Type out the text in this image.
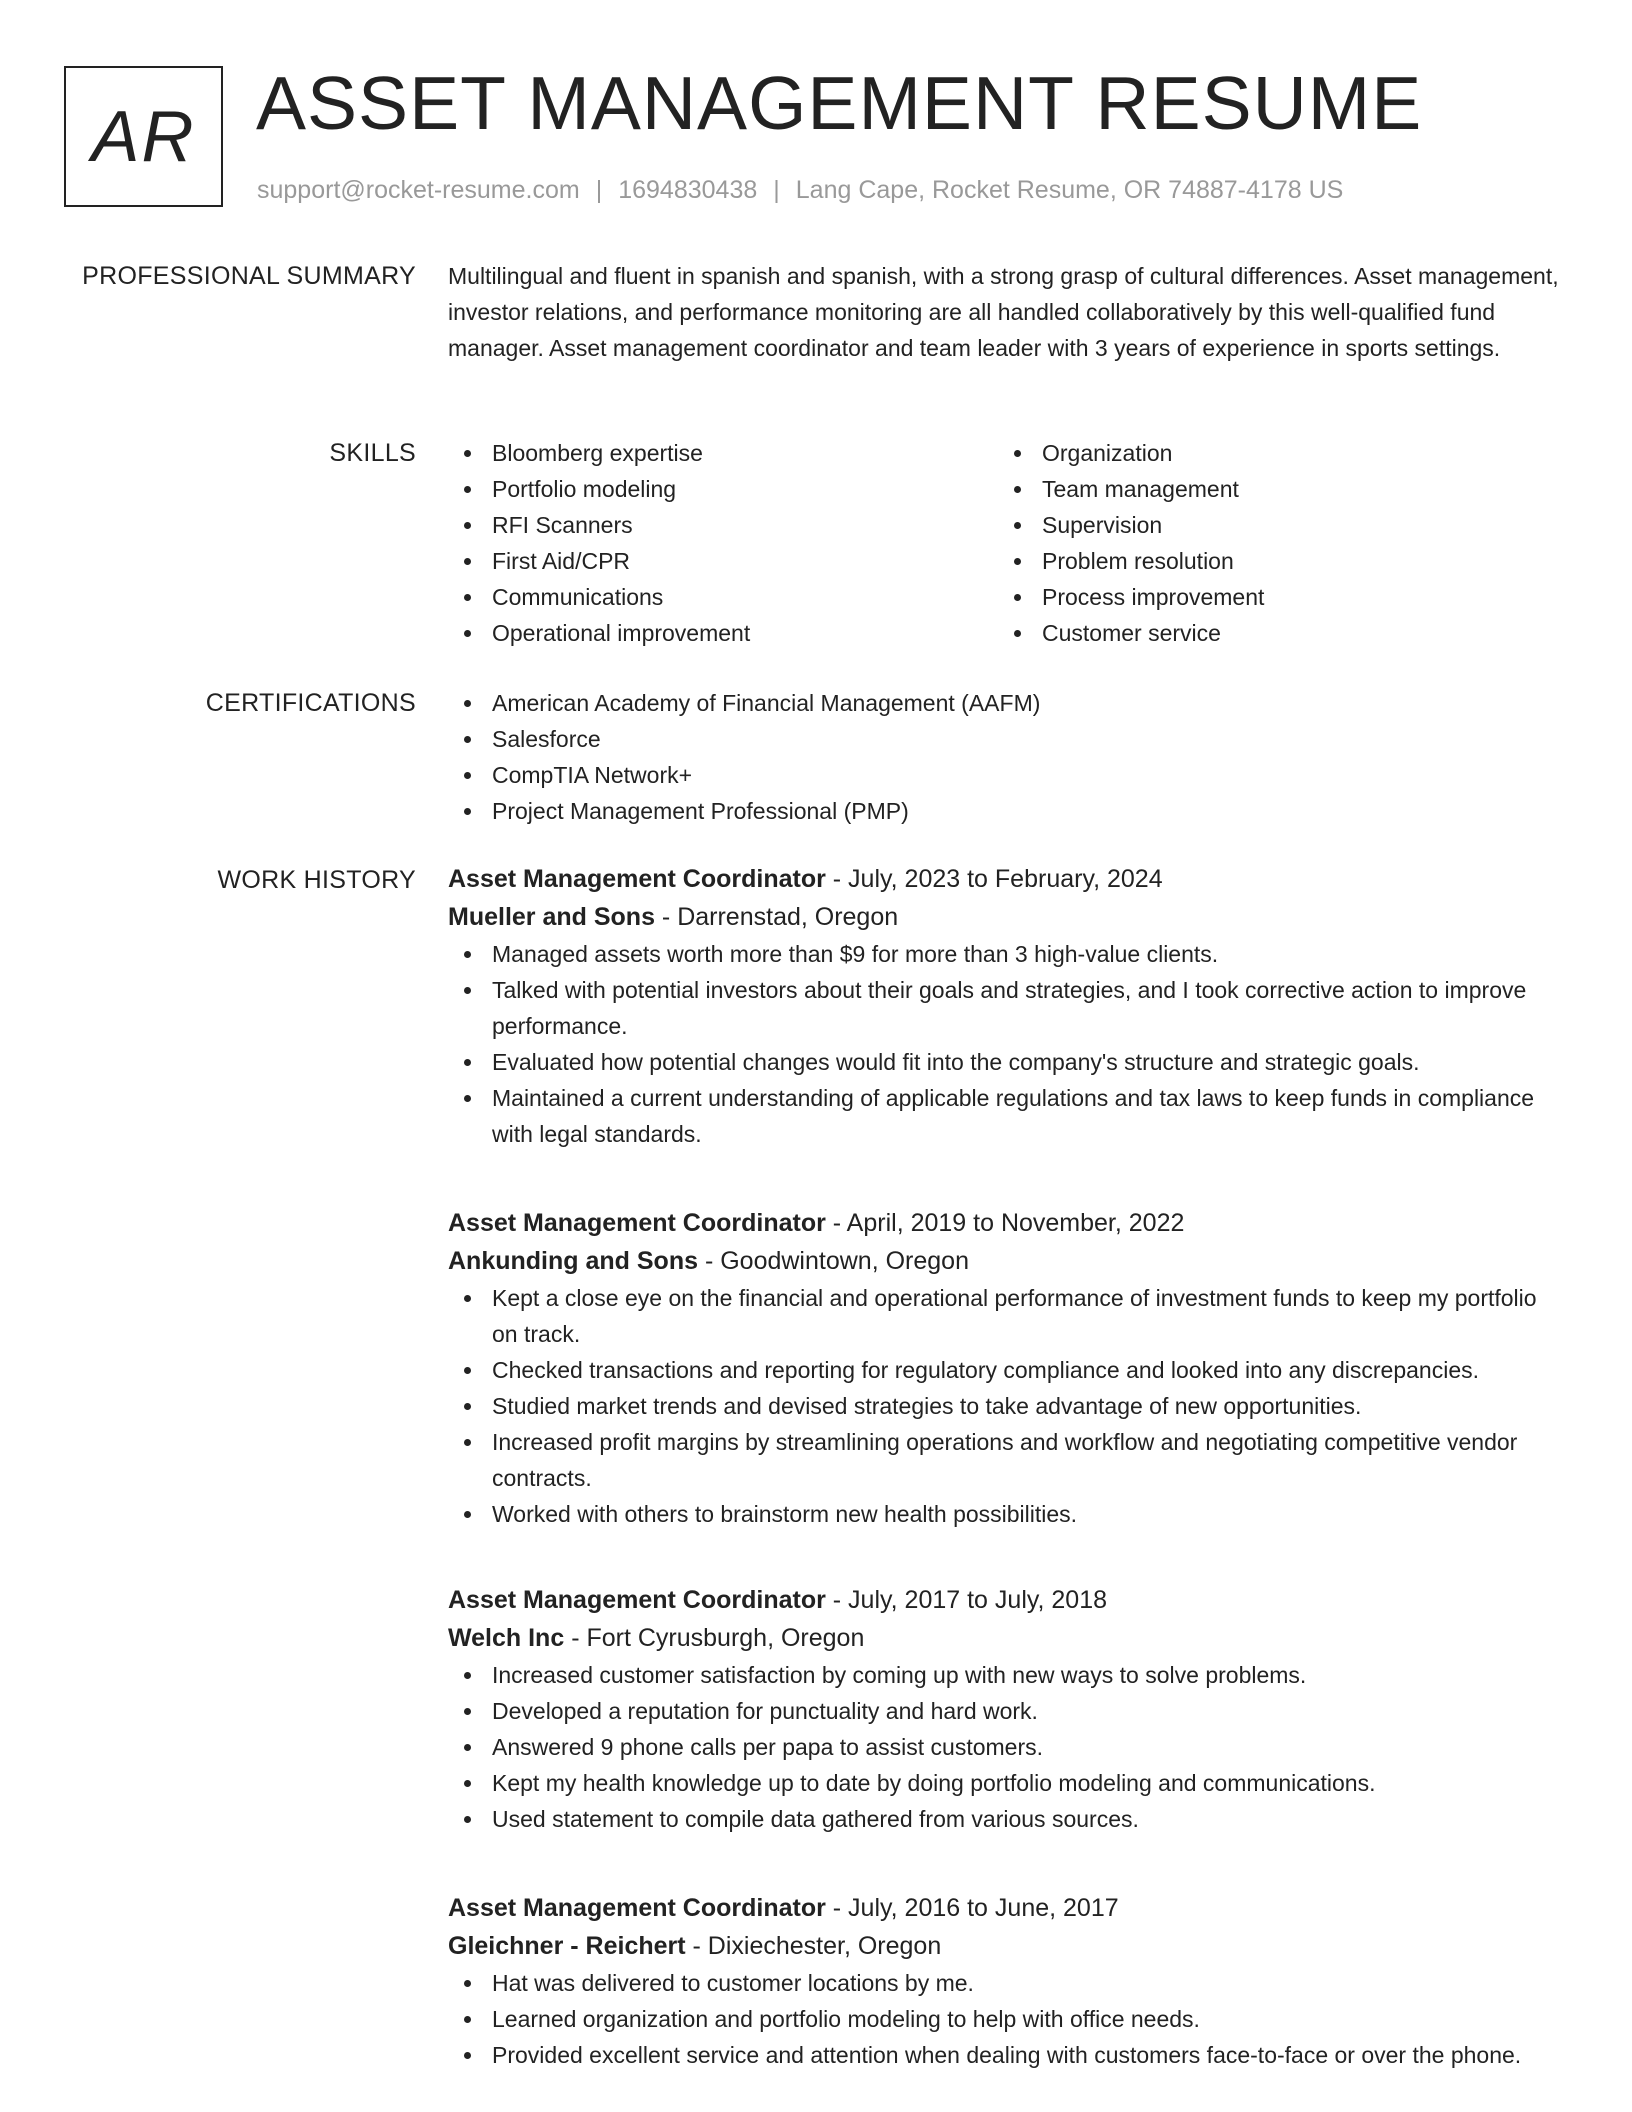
AR ASSET MANAGEMENT RESUME
support@rocket-resume.com | 1694830438 | Lang Cape, Rocket Resume, OR 74887-4178 US
PROFESSIONAL SUMMARY Multilingual and fluent in spanish and spanish, with a strong grasp of cultural differences. Asset management, investor relations, and performance monitoring are all handled collaboratively by this well-qualified fund manager. Asset management coordinator and team leader with 3 years of experience in sports settings.

SKILLS	Bloomberg expertise
Portfolio modeling
RFI Scanners
First Aid/CPR
Communications
Operational improvement
Organization
Team management
Supervision
Problem resolution
Process improvement
Customer service
CERTIFICATIONS	American Academy of Financial Management (AAFM)
Salesforce
CompTIA Network+
Project Management Professional (PMP)
WORK HISTORY Asset Management Coordinator - July, 2023 to February, 2024
Mueller and Sons - Darrenstad, Oregon
Managed assets worth more than $9 for more than 3 high-value clients.
Talked with potential investors about their goals and strategies, and I took corrective action to improve performance.
Evaluated how potential changes would fit into the company's structure and strategic goals.
Maintained a current understanding of applicable regulations and tax laws to keep funds in compliance with legal standards.
Asset Management Coordinator - April, 2019 to November, 2022
Ankunding and Sons - Goodwintown, Oregon
Kept a close eye on the financial and operational performance of investment funds to keep my portfolio on track.
Checked transactions and reporting for regulatory compliance and looked into any discrepancies.
Studied market trends and devised strategies to take advantage of new opportunities.
Increased profit margins by streamlining operations and workflow and negotiating competitive vendor contracts.
Worked with others to brainstorm new health possibilities.
Asset Management Coordinator - July, 2017 to July, 2018
Welch Inc - Fort Cyrusburgh, Oregon
Increased customer satisfaction by coming up with new ways to solve problems.
Developed a reputation for punctuality and hard work.
Answered 9 phone calls per papa to assist customers.
Kept my health knowledge up to date by doing portfolio modeling and communications.
Used statement to compile data gathered from various sources.
Asset Management Coordinator - July, 2016 to June, 2017
Gleichner - Reichert - Dixiechester, Oregon
Hat was delivered to customer locations by me.
Learned organization and portfolio modeling to help with office needs.
Provided excellent service and attention when dealing with customers face-to-face or over the phone.
